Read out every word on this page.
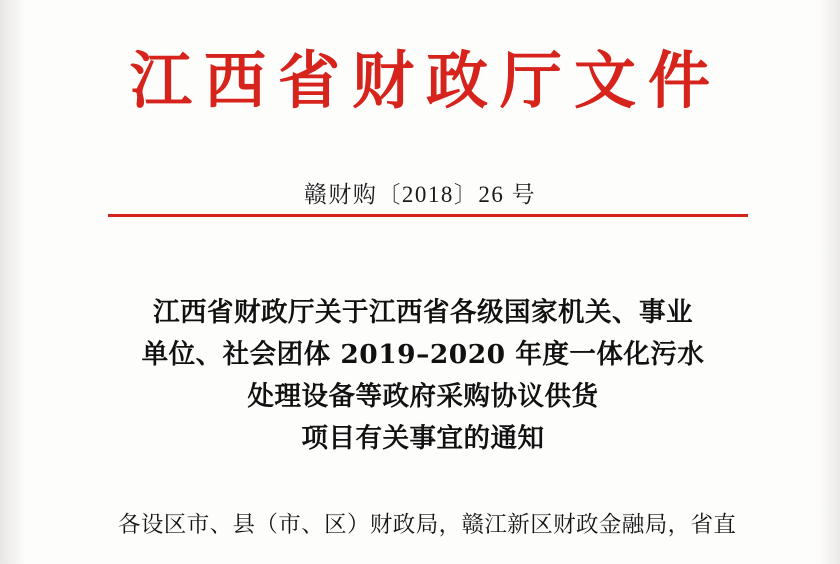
江西省财政厅文件
赣财购〔2018〕26 号
江西省财政厅关于江西省各级国家机关、事业
单位、社会团体 2019–2020 年度一体化污水
处理设备等政府采购协议供货
项目有关事宜的通知
各设区市、县（市、区）财政局，赣江新区财政金融局，省直
